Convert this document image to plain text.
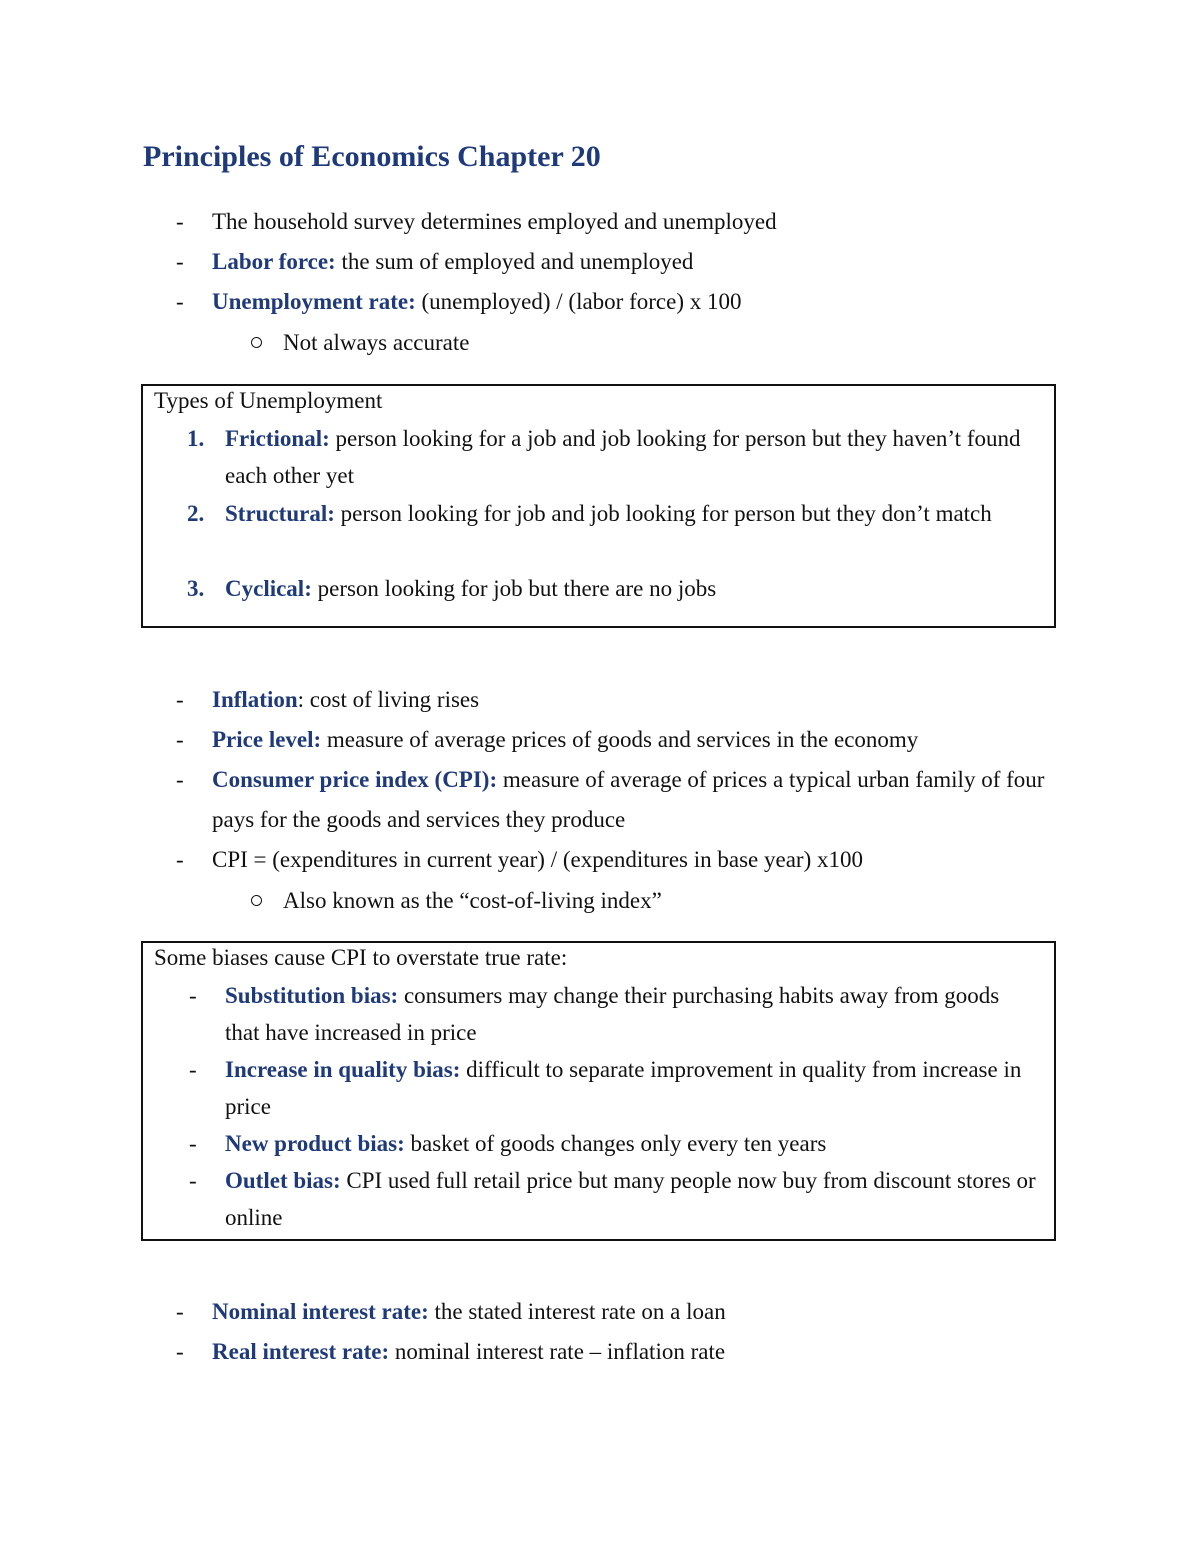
Principles of Economics Chapter 20
- The household survey determines employed and unemployed
- Labor force: the sum of employed and unemployed
- Unemployment rate: (unemployed) / (labor force) x 100
Not always accurate
Types of Unemployment
1. Frictional: person looking for a job and job looking for person but they haven’t found each other yet
2. Structural: person looking for job and job looking for person but they don’t match
3. Cyclical: person looking for job but there are no jobs
- Inflation: cost of living rises
- Price level: measure of average prices of goods and services in the economy
- Consumer price index (CPI): measure of average of prices a typical urban family of four pays for the goods and services they produce
- CPI = (expenditures in current year) / (expenditures in base year) x100
Also known as the “cost-of-living index”
Some biases cause CPI to overstate true rate:
- Substitution bias: consumers may change their purchasing habits away from goods that have increased in price
- Increase in quality bias: difficult to separate improvement in quality from increase in price
- New product bias: basket of goods changes only every ten years
- Outlet bias: CPI used full retail price but many people now buy from discount stores or online
- Nominal interest rate: the stated interest rate on a loan
- Real interest rate: nominal interest rate – inflation rate
